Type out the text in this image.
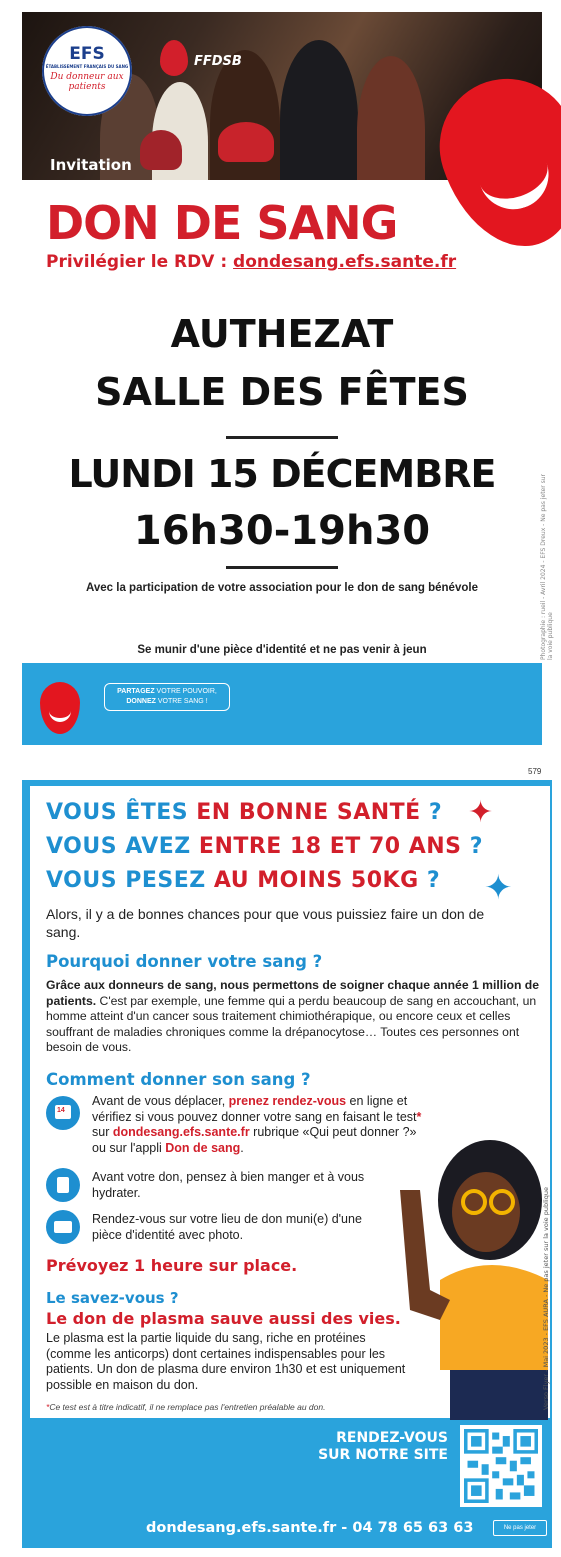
EFS
ÉTABLISSEMENT FRANÇAIS DU SANG
Du donneur aux patients
FFDSB
Invitation
DON DE SANG
Privilégier le RDV : dondesang.efs.sante.fr
AUTHEZAT
SALLE DES FÊTES
LUNDI 15 DÉCEMBRE
16h30-19h30
Avec la participation de votre association pour le don de sang bénévole
Se munir d'une pièce d'identité et ne pas venir à jeun	Photographie : rueil - Avril 2024 - EFS Dreux - Ne pas jeter sur la voie publique
PARTAGEZ VOTRE POUVOIR,
DONNEZ VOTRE SANG !
579
VOUS ÊTES EN BONNE SANTÉ ?
VOUS AVEZ ENTRE 18 ET 70 ANS ?
VOUS PESEZ AU MOINS 50KG ?
✦
✦
Alors, il y a de bonnes chances pour que vous puissiez faire un don de sang.
Pourquoi donner votre sang ?
Grâce aux donneurs de sang, nous permettons de soigner chaque année 1 million de patients. C'est par exemple, une femme qui a perdu beaucoup de sang en accouchant, un homme atteint d'un cancer sous traitement chimiothérapique, ou encore ceux et celles souffrant de maladies chroniques comme la drépanocytose… Toutes ces personnes ont besoin de vous.
Comment donner son sang ?
14
Avant de vous déplacer, prenez rendez-vous en ligne et vérifiez si vous pouvez donner votre sang en faisant le test* sur dondesang.efs.sante.fr rubrique «Qui peut donner ?» ou sur l'appli Don de sang.
Avant votre don, pensez à bien manger et à vous hydrater.
Rendez-vous sur votre lieu de don muni(e) d'une pièce d'identité avec photo.
Prévoyez 1 heure sur place.
Le savez-vous ?
Le don de plasma sauve aussi des vies.
Le plasma est la partie liquide du sang, riche en protéines (comme les anticorps) dont certaines indispensables pour les patients. Un don de plasma dure environ 1h30 et est uniquement possible en maison du don.
*Ce test est à titre indicatif, il ne remplace pas l'entretien préalable au don.	Verso Flyer - Mai 2023 - EFS AURA - Ne pas jeter sur la voie publique
RENDEZ-VOUS SUR NOTRE SITE
dondesang.efs.sante.fr - 04 78 65 63 63	Ne pas jeter
